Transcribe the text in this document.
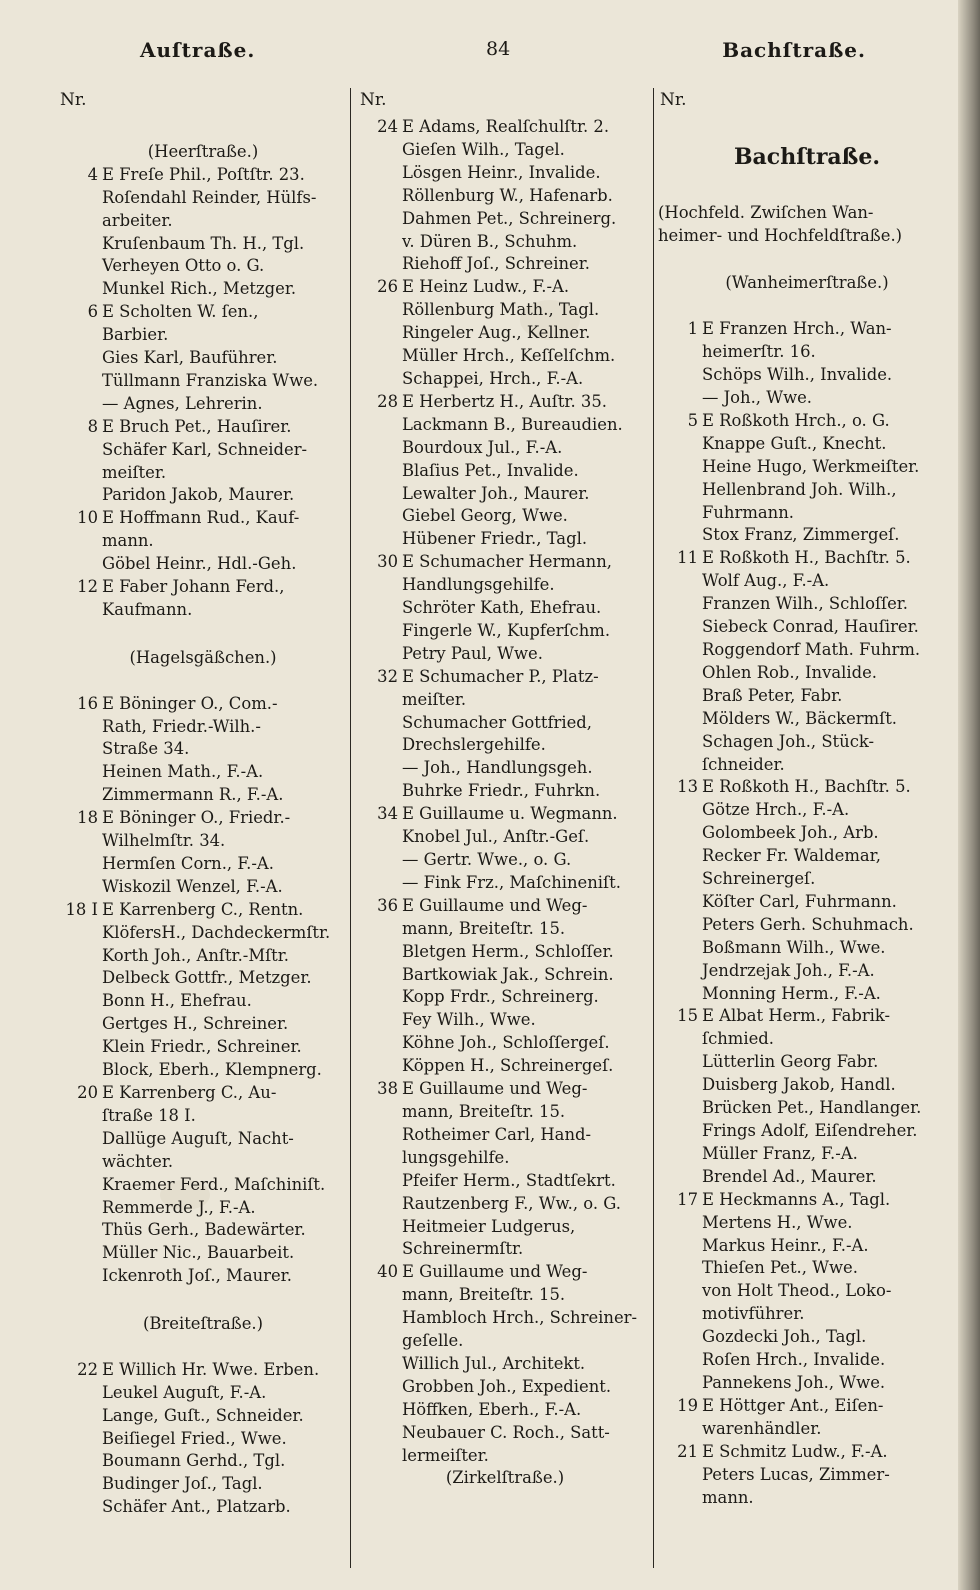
Auſtraße.	84	Bachſtraße.
Nr.
(Heerſtraße.)
4 E Freſe Phil., Poſtſtr. 23.
Roſendahl Reinder, Hülfs-
arbeiter.
Kruſenbaum Th. H., Tgl.
Verheyen Otto o. G.
Munkel Rich., Metzger.
6 E Scholten W. ſen.,
Barbier.
Gies Karl, Bauführer.
Tüllmann Franziska Wwe.
— Agnes, Lehrerin.
8 E Bruch Pet., Hauſirer.
Schäfer Karl, Schneider-
meiſter.
Paridon Jakob, Maurer.
10 E Hoffmann Rud., Kauf-
mann.
Göbel Heinr., Hdl.-Geh.
12 E Faber Johann Ferd.,
Kaufmann.
(Hagelsgäßchen.)
16 E Böninger O., Com.-
Rath, Friedr.-Wilh.-
Straße 34.
Heinen Math., F.-A.
Zimmermann R., F.-A.
18 E Böninger O., Friedr.-
Wilhelmſtr. 34.
Hermſen Corn., F.-A.
Wiskozil Wenzel, F.-A.
18 I E Karrenberg C., Rentn.
KlöfersH., Dachdeckermſtr.
Korth Joh., Anſtr.-Mſtr.
Delbeck Gottfr., Metzger.
Bonn H., Ehefrau.
Gertges H., Schreiner.
Klein Friedr., Schreiner.
Block, Eberh., Klempnerg.
20 E Karrenberg C., Au-
ſtraße 18 I.
Dallüge Auguſt, Nacht-
wächter.
Kraemer Ferd., Maſchiniſt.
Remmerde J., F.-A.
Thüs Gerh., Badewärter.
Müller Nic., Bauarbeit.
Ickenroth Joſ., Maurer.
(Breiteſtraße.)
22 E Willich Hr. Wwe. Erben.
Leukel Auguſt, F.-A.
Lange, Guſt., Schneider.
Beiſiegel Fried., Wwe.
Boumann Gerhd., Tgl.
Budinger Joſ., Tagl.
Schäfer Ant., Platzarb.
Nr.
24 E Adams, Realſchulſtr. 2.
Gieſen Wilh., Tagel.
Lösgen Heinr., Invalide.
Röllenburg W., Hafenarb.
Dahmen Pet., Schreinerg.
v. Düren B., Schuhm.
Riehoff Joſ., Schreiner.
26 E Heinz Ludw., F.-A.
Röllenburg Math., Tagl.
Ringeler Aug., Kellner.
Müller Hrch., Keſſelſchm.
Schappei, Hrch., F.-A.
28 E Herbertz H., Auſtr. 35.
Lackmann B., Bureaudien.
Bourdoux Jul., F.-A.
Blaſius Pet., Invalide.
Lewalter Joh., Maurer.
Giebel Georg, Wwe.
Hübener Friedr., Tagl.
30 E Schumacher Hermann,
Handlungsgehilfe.
Schröter Kath, Ehefrau.
Fingerle W., Kupferſchm.
Petry Paul, Wwe.
32 E Schumacher P., Platz-
meiſter.
Schumacher Gottfried,
Drechslergehilfe.
— Joh., Handlungsgeh.
Buhrke Friedr., Fuhrkn.
34 E Guillaume u. Wegmann.
Knobel Jul., Anſtr.-Geſ.
— Gertr. Wwe., o. G.
— Fink Frz., Maſchineniſt.
36 E Guillaume und Weg-
mann, Breiteſtr. 15.
Bletgen Herm., Schloſſer.
Bartkowiak Jak., Schrein.
Kopp Frdr., Schreinerg.
Fey Wilh., Wwe.
Köhne Joh., Schloſſergeſ.
Köppen H., Schreinergeſ.
38 E Guillaume und Weg-
mann, Breiteſtr. 15.
Rotheimer Carl, Hand-
lungsgehilfe.
Pfeifer Herm., Stadtſekrt.
Rautzenberg F., Ww., o. G.
Heitmeier Ludgerus,
Schreinermſtr.
40 E Guillaume und Weg-
mann, Breiteſtr. 15.
Hambloch Hrch., Schreiner-
geſelle.
Willich Jul., Architekt.
Grobben Joh., Expedient.
Höffken, Eberh., F.-A.
Neubauer C. Roch., Satt-
lermeiſter.
(Zirkelſtraße.)
Nr.
Bachſtraße.
(Hochfeld. Zwiſchen Wan-
heimer- und Hochfeldſtraße.)
(Wanheimerſtraße.)
1 E Franzen Hrch., Wan-
heimerſtr. 16.
Schöps Wilh., Invalide.
— Joh., Wwe.
5 E Roßkoth Hrch., o. G.
Knappe Guſt., Knecht.
Heine Hugo, Werkmeiſter.
Hellenbrand Joh. Wilh.,
Fuhrmann.
Stox Franz, Zimmergeſ.
11 E Roßkoth H., Bachſtr. 5.
Wolf Aug., F.-A.
Franzen Wilh., Schloſſer.
Siebeck Conrad, Hauſirer.
Roggendorf Math. Fuhrm.
Ohlen Rob., Invalide.
Braß Peter, Fabr.
Mölders W., Bäckermſt.
Schagen Joh., Stück-
ſchneider.
13 E Roßkoth H., Bachſtr. 5.
Götze Hrch., F.-A.
Golombeek Joh., Arb.
Recker Fr. Waldemar,
Schreinergeſ.
Köſter Carl, Fuhrmann.
Peters Gerh. Schuhmach.
Boßmann Wilh., Wwe.
Jendrzejak Joh., F.-A.
Monning Herm., F.-A.
15 E Albat Herm., Fabrik-
ſchmied.
Lütterlin Georg Fabr.
Duisberg Jakob, Handl.
Brücken Pet., Handlanger.
Frings Adolf, Eiſendreher.
Müller Franz, F.-A.
Brendel Ad., Maurer.
17 E Heckmanns A., Tagl.
Mertens H., Wwe.
Markus Heinr., F.-A.
Thieſen Pet., Wwe.
von Holt Theod., Loko-
motivführer.
Gozdecki Joh., Tagl.
Roſen Hrch., Invalide.
Pannekens Joh., Wwe.
19 E Höttger Ant., Eiſen-
warenhändler.
21 E Schmitz Ludw., F.-A.
Peters Lucas, Zimmer-
mann.
